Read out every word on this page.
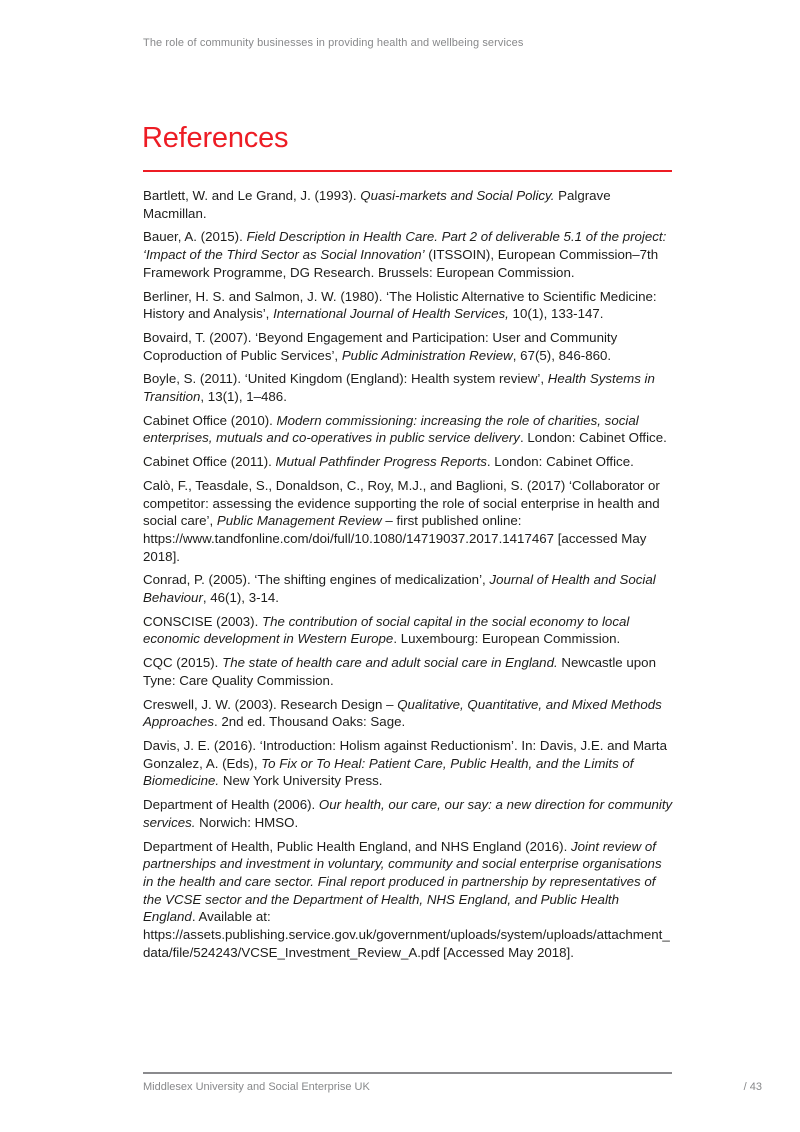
The role of community businesses in providing health and wellbeing services
References

Bartlett, W. and Le Grand, J. (1993). Quasi-markets and Social Policy. Palgrave Macmillan.

Bauer, A. (2015). Field Description in Health Care. Part 2 of deliverable 5.1 of the project: ‘Impact of the Third Sector as Social Innovation’ (ITSSOIN), European Commission–7th Framework Programme, DG Research. Brussels: European Commission.

Berliner, H. S. and Salmon, J. W. (1980). ‘The Holistic Alternative to Scientific Medicine: History and Analysis’, International Journal of Health Services, 10(1), 133-147.

Bovaird, T. (2007). ‘Beyond Engagement and Participation: User and Community Coproduction of Public Services’, Public Administration Review, 67(5), 846-860.

Boyle, S. (2011). ‘United Kingdom (England): Health system review’, Health Systems in Transition, 13(1), 1–486.

Cabinet Office (2010). Modern commissioning: increasing the role of charities, social enterprises, mutuals and co-operatives in public service delivery. London: Cabinet Office.

Cabinet Office (2011). Mutual Pathfinder Progress Reports. London: Cabinet Office.

Calò, F., Teasdale, S., Donaldson, C., Roy, M.J., and Baglioni, S. (2017) ‘Collaborator or competitor: assessing the evidence supporting the role of social enterprise in health and social care’, Public Management Review – first published online: https://www.tandfonline.com/doi/full/10.1080/14719037.2017.1417467 [accessed May 2018].

Conrad, P. (2005). ‘The shifting engines of medicalization’, Journal of Health and Social Behaviour, 46(1), 3-14.

CONSCISE (2003). The contribution of social capital in the social economy to local economic development in Western Europe. Luxembourg: European Commission.

CQC (2015). The state of health care and adult social care in England. Newcastle upon Tyne: Care Quality Commission.

Creswell, J. W. (2003). Research Design – Qualitative, Quantitative, and Mixed Methods Approaches. 2nd ed. Thousand Oaks: Sage.

Davis, J. E. (2016). ‘Introduction: Holism against Reductionism’. In: Davis, J.E. and Marta Gonzalez, A. (Eds), To Fix or To Heal: Patient Care, Public Health, and the Limits of Biomedicine. New York University Press.

Department of Health (2006). Our health, our care, our say: a new direction for community services. Norwich: HMSO.

Department of Health, Public Health England, and NHS England (2016). Joint review of partnerships and investment in voluntary, community and social enterprise organisations in the health and care sector. Final report produced in partnership by representatives of the VCSE sector and the Department of Health, NHS England, and Public Health England. Available at: https://assets.publishing.service.gov.uk/government/uploads/system/uploads/attachment_data/file/524243/VCSE_Investment_Review_A.pdf [Accessed May 2018].

Middlesex University and Social Enterprise UK	/ 43
